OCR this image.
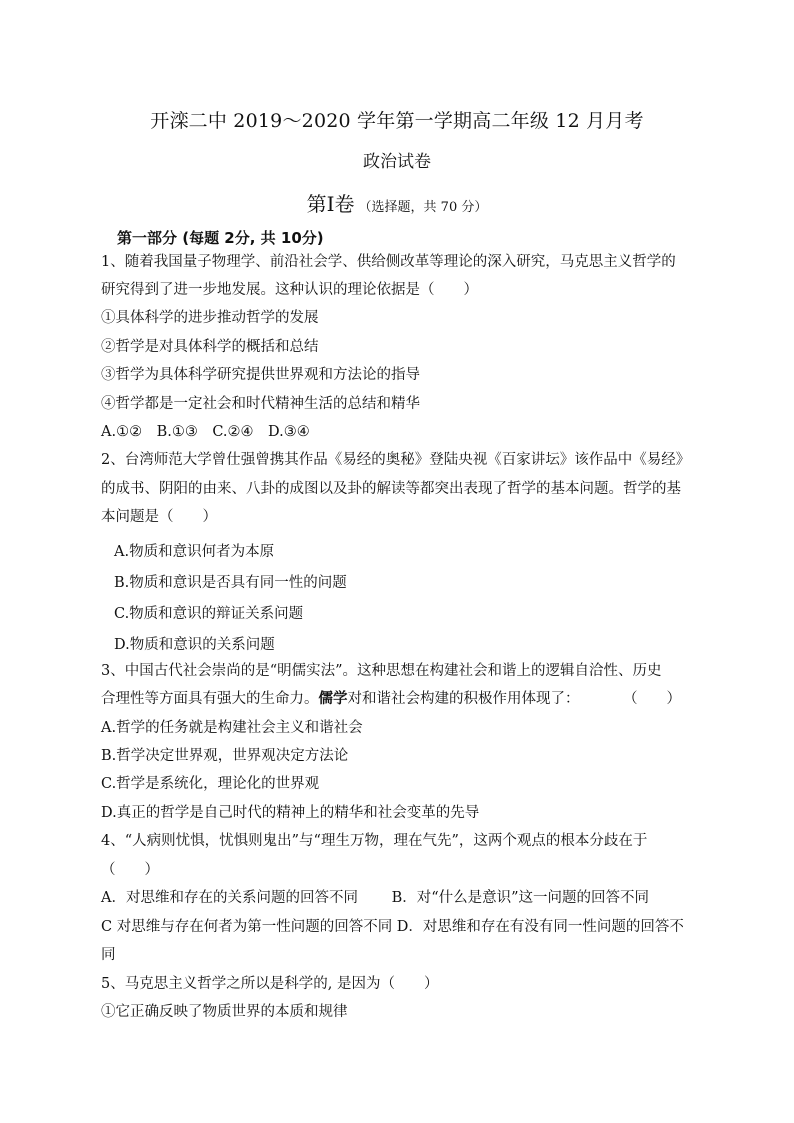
开滦二中 2019～2020 学年第一学期高二年级 12 月月考
政治试卷
第Ⅰ卷 （选择题，共 70 分）
第一部分 (每题 2分, 共 10分)
1、随着我国量子物理学、前沿社会学、供给侧改革等理论的深入研究，马克思主义哲学的
研究得到了进一步地发展。这种认识的理论依据是（　　）
①具体科学的进步推动哲学的发展
②哲学是对具体科学的概括和总结
③哲学为具体科学研究提供世界观和方法论的指导
④哲学都是一定社会和时代精神生活的总结和精华
A.①②　B.①③　C.②④　D.③④
2、台湾师范大学曾仕强曾携其作品《易经的奥秘》登陆央视《百家讲坛》该作品中《易经》
的成书、阴阳的由来、八卦的成图以及卦的解读等都突出表现了哲学的基本问题。哲学的基
本问题是（　　）
A.物质和意识何者为本原
B.物质和意识是否具有同一性的问题
C.物质和意识的辩证关系问题
D.物质和意识的关系问题
3、中国古代社会崇尚的是“明儒实法”。这种思想在构建社会和谐上的逻辑自洽性、历史
合理性等方面具有强大的生命力。儒学对和谐社会构建的积极作用体现了：	（　　）
A.哲学的任务就是构建社会主义和谐社会
B.哲学决定世界观，世界观决定方法论
C.哲学是系统化，理论化的世界观
D.真正的哲学是自己时代的精神上的精华和社会变革的先导
4、“人病则忧惧，忧惧则鬼出”与“理生万物，理在气先”，这两个观点的根本分歧在于
（　　）
A．对思维和存在的关系问题的回答不同　　 B．对“什么是意识”这一问题的回答不同
C 对思维与存在何者为第一性问题的回答不同 D．对思维和存在有没有同一性问题的回答不
同
5、马克思主义哲学之所以是科学的, 是因为（　　）
①它正确反映了物质世界的本质和规律
